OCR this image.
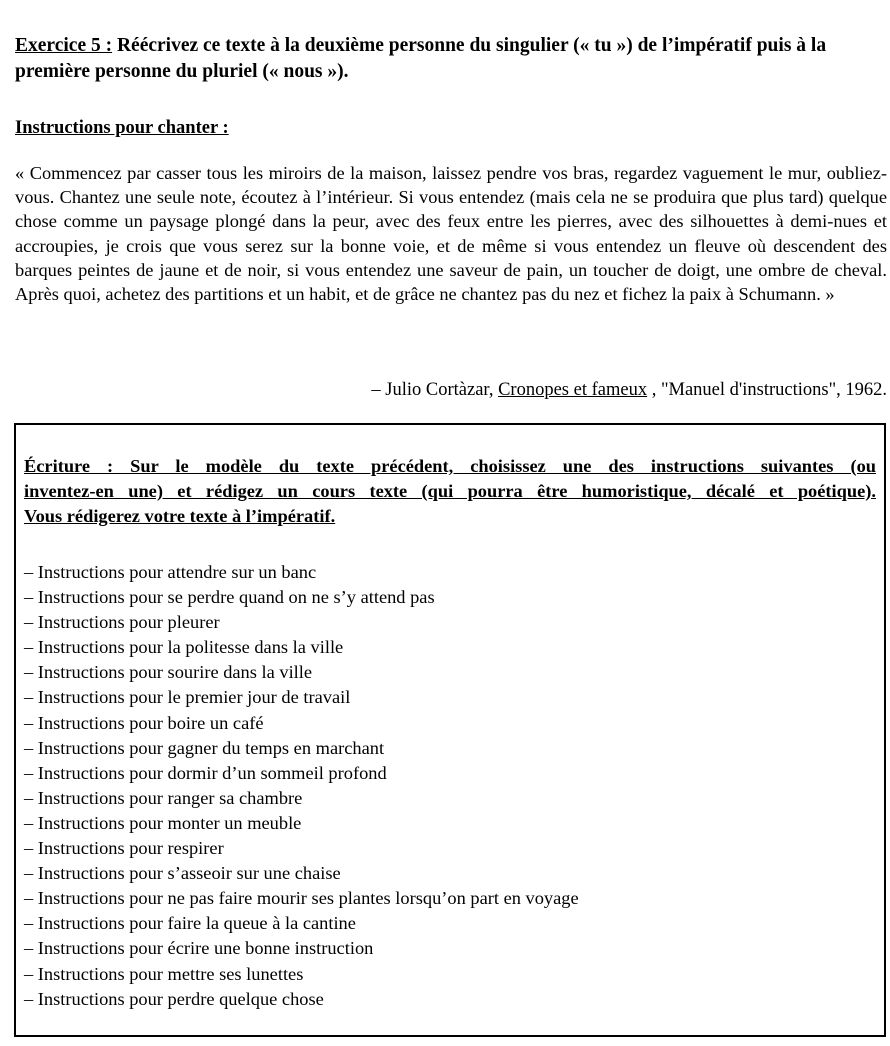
Exercice 5 : Réécrivez ce texte à la deuxième personne du singulier (« tu ») de l’impératif puis à la première personne du pluriel (« nous »).
Instructions pour chanter :

« Commencez par casser tous les miroirs de la maison, laissez pendre vos bras, regardez vaguement le mur, oubliez-vous. Chantez une seule note, écoutez à l’intérieur. Si vous entendez (mais cela ne se produira que plus tard) quelque chose comme un paysage plongé dans la peur, avec des feux entre les pierres, avec des silhouettes à demi-nues et accroupies, je crois que vous serez sur la bonne voie, et de même si vous entendez un fleuve où descendent des barques peintes de jaune et de noir, si vous entendez une saveur de pain, un toucher de doigt, une ombre de cheval. Après quoi, achetez des partitions et un habit, et de grâce ne chantez pas du nez et fichez la paix à Schumann. »

– Julio Cortàzar, Cronopes et fameux , "Manuel d'instructions", 1962.
Écriture : Sur le modèle du texte précédent, choisissez une des instructions suivantes (ou
inventez-en une) et rédigez un cours texte (qui pourra être humoristique, décalé et poétique).
Vous rédigerez votre texte à l’impératif.
– Instructions pour attendre sur un banc
– Instructions pour se perdre quand on ne s’y attend pas
– Instructions pour pleurer
– Instructions pour la politesse dans la ville
– Instructions pour sourire dans la ville
– Instructions pour le premier jour de travail
– Instructions pour boire un café
– Instructions pour gagner du temps en marchant
– Instructions pour dormir d’un sommeil profond
– Instructions pour ranger sa chambre
– Instructions pour monter un meuble
– Instructions pour respirer
– Instructions pour s’asseoir sur une chaise
– Instructions pour ne pas faire mourir ses plantes lorsqu’on part en voyage
– Instructions pour faire la queue à la cantine
– Instructions pour écrire une bonne instruction
– Instructions pour mettre ses lunettes
– Instructions pour perdre quelque chose
